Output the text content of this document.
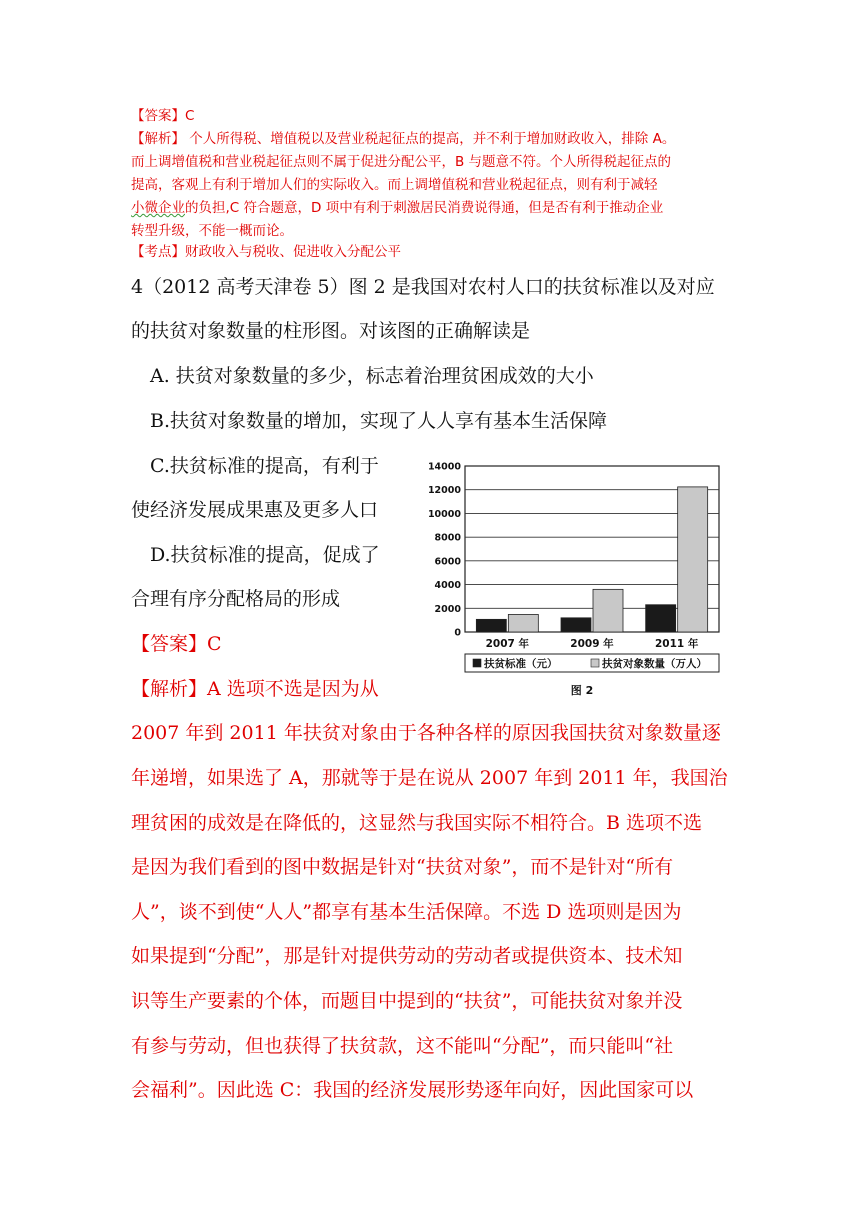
【答案】C
【解析】 个人所得税、增值税以及营业税起征点的提高，并不利于增加财政收入，排除 A。
而上调增值税和营业税起征点则不属于促进分配公平，B 与题意不符。个人所得税起征点的
提高，客观上有利于增加人们的实际收入。而上调增值税和营业税起征点，则有利于减轻
小微企业的负担,C 符合题意，D 项中有利于刺激居民消费说得通，但是否有利于推动企业
转型升级，不能一概而论。
【考点】财政收入与税收、促进收入分配公平
4（2012 高考天津卷 5）图 2 是我国对农村人口的扶贫标准以及对应
的扶贫对象数量的柱形图。对该图的正确解读是
A. 扶贫对象数量的多少，标志着治理贫困成效的大小
B.扶贫对象数量的增加，实现了人人享有基本生活保障
C.扶贫标准的提高，有利于
使经济发展成果惠及更多人口
D.扶贫标准的提高，促成了
合理有序分配格局的形成
【答案】C
【解析】A 选项不选是因为从
2007 年到 2011 年扶贫对象由于各种各样的原因我国扶贫对象数量逐
年递增，如果选了 A，那就等于是在说从 2007 年到 2011 年，我国治
理贫困的成效是在降低的，这显然与我国实际不相符合。B 选项不选
是因为我们看到的图中数据是针对“扶贫对象”，而不是针对“所有
人”，谈不到使“人人”都享有基本生活保障。不选 D 选项则是因为
如果提到“分配”，那是针对提供劳动的劳动者或提供资本、技术知
识等生产要素的个体，而题目中提到的“扶贫”，可能扶贫对象并没
有参与劳动，但也获得了扶贫款，这不能叫“分配”，而只能叫“社
会福利”。因此选 C：我国的经济发展形势逐年向好，因此国家可以
0
2000
4000
6000
8000
10000
12000
14000
2007 年	2009 年	2011 年
扶贫标准（元）	扶贫对象数量（万人）
图 2
